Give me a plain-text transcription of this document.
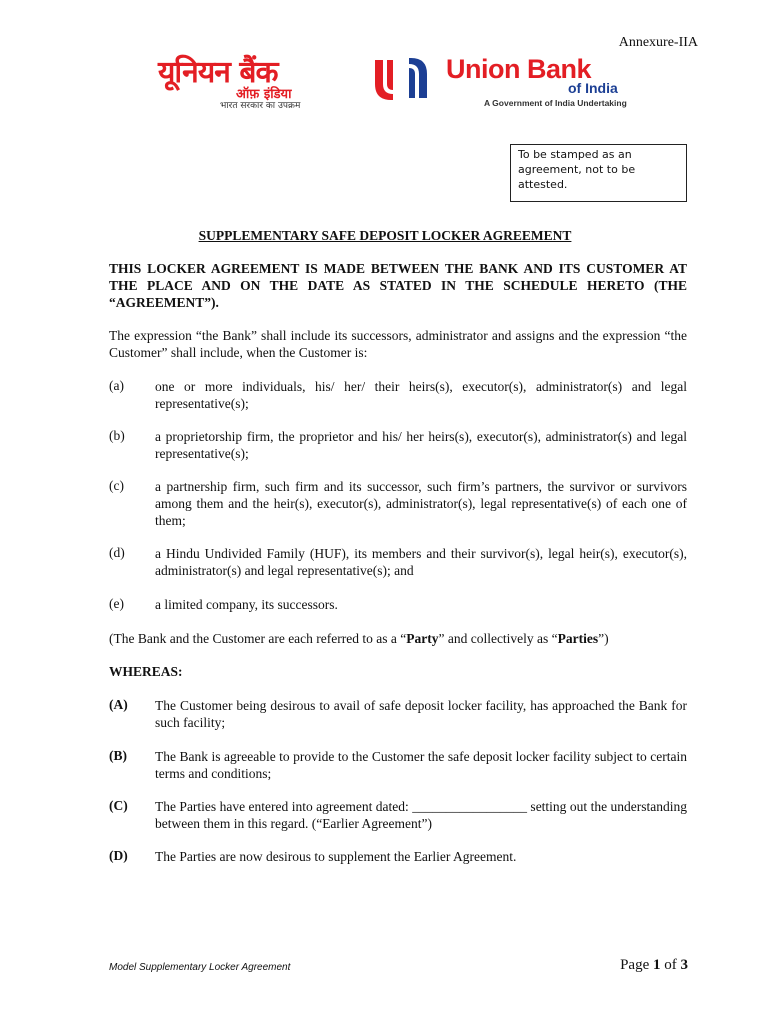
Annexure-IIA
यूनियन बैंक
ऑफ़ इंडिया
भारत सरकार का उपक्रम
Union Bank
of India
A Government of India Undertaking
To be stamped as an agreement, not to be attested.
SUPPLEMENTARY SAFE DEPOSIT LOCKER AGREEMENT
THIS LOCKER AGREEMENT IS MADE BETWEEN THE BANK AND ITS CUSTOMER AT THE PLACE AND ON THE DATE AS STATED IN THE SCHEDULE HERETO (THE “AGREEMENT”).
The expression “the Bank” shall include its successors, administrator and assigns and the expression “the Customer” shall include, when the Customer is:
(a) one or more individuals, his/ her/ their heirs(s), executor(s), administrator(s) and legal representative(s);
(b) a proprietorship firm, the proprietor and his/ her heirs(s), executor(s), administrator(s) and legal representative(s);
(c) a partnership firm, such firm and its successor, such firm’s partners, the survivor or survivors among them and the heir(s), executor(s), administrator(s), legal representative(s) of each one of them;
(d) a Hindu Undivided Family (HUF), its members and their survivor(s), legal heir(s), executor(s), administrator(s) and legal representative(s); and
(e) a limited company, its successors.
(The Bank and the Customer are each referred to as a “Party” and collectively as “Parties”)
WHEREAS:
(A) The Customer being desirous to avail of safe deposit locker facility, has approached the Bank for such facility;
(B) The Bank is agreeable to provide to the Customer the safe deposit locker facility subject to certain terms and conditions;
(C) The Parties have entered into agreement dated: _________________ setting out the understanding between them in this regard. (“Earlier Agreement”)
(D) The Parties are now desirous to supplement the Earlier Agreement.
Model Supplementary Locker Agreement	Page 1 of 3
